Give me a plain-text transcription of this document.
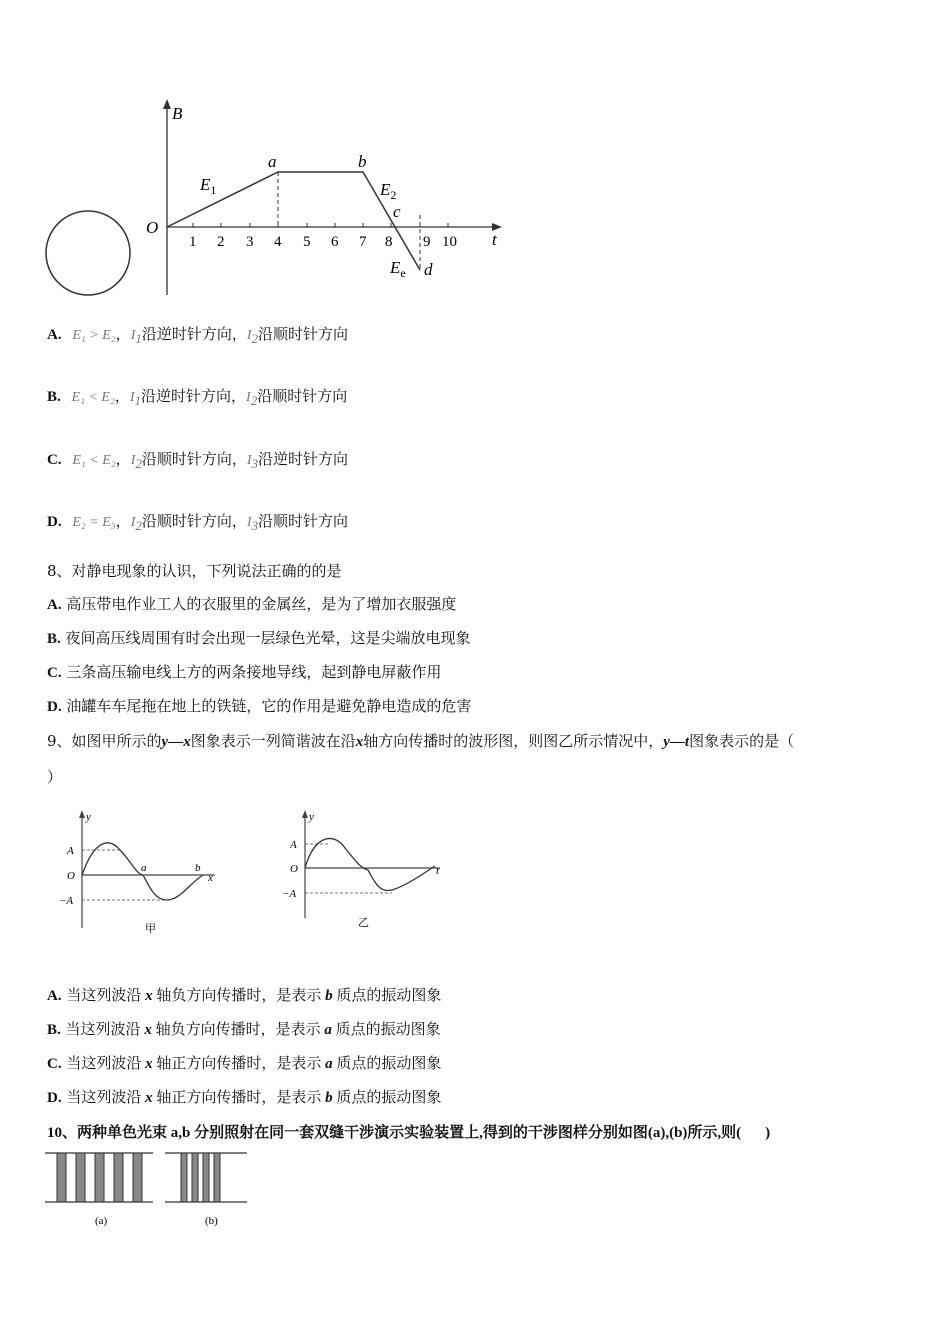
B
t
O
1 2 3 4 5 6 7 8 9 10
a	b
c
d
$E_1$	$E_2$
$E_e$
A. E₁ > E₂，$I_1$沿逆时针方向，$I_2$沿顺时针方向
B. E₁ < E₂，$I_1$沿逆时针方向，$I_2$沿顺时针方向
C. E₁ < E₂，$I_2$沿顺时针方向，$I_3$沿逆时针方向
D. E₂ = E₃，$I_2$沿顺时针方向，$I_3$沿顺时针方向
8、对静电现象的认识，下列说法正确的的是
A. 高压带电作业工人的衣服里的金属丝，是为了增加衣服强度
B. 夜间高压线周围有时会出现一层绿色光晕，这是尖端放电现象
C. 三条高压输电线上方的两条接地导线，起到静电屏蔽作用
D. 油罐车车尾拖在地上的铁链，它的作用是避免静电造成的危害
9、如图甲所示的y—x图象表示一列简谐波在沿x轴方向传播时的波形图，则图乙所示情况中，y—t图象表示的是（
）
y
A
O
−A
a	b
x
甲
y
A
O
−A
t
乙
A. 当这列波沿 x 轴负方向传播时，是表示 b 质点的振动图象
B. 当这列波沿 x 轴负方向传播时，是表示 a 质点的振动图象
C. 当这列波沿 x 轴正方向传播时，是表示 a 质点的振动图象
D. 当这列波沿 x 轴正方向传播时，是表示 b 质点的振动图象
10、两种单色光束 a,b 分别照射在同一套双缝干涉演示实验装置上,得到的干涉图样分别如图(a),(b)所示,则( )
(a)	(b)
